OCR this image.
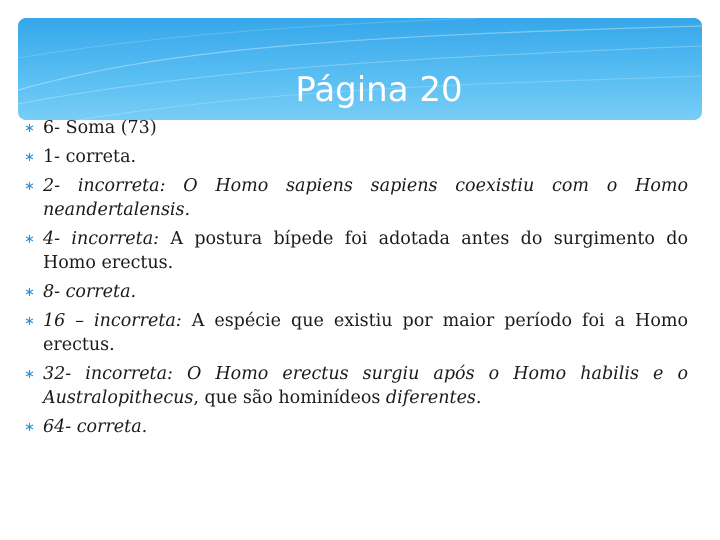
Página 20
∗ 6- Soma (73)
∗ 1- correta.
∗ 2- incorreta: O Homo sapiens sapiens coexistiu com o Homo neandertalensis.
∗ 4- incorreta: A postura bípede foi adotada antes do surgimento do Homo erectus.
∗ 8- correta.
∗ 16 – incorreta: A espécie que existiu por maior período foi a Homo erectus.
∗ 32- incorreta: O Homo erectus surgiu após o Homo habilis e o Australopithecus, que são hominídeos diferentes.
∗ 64- correta.
